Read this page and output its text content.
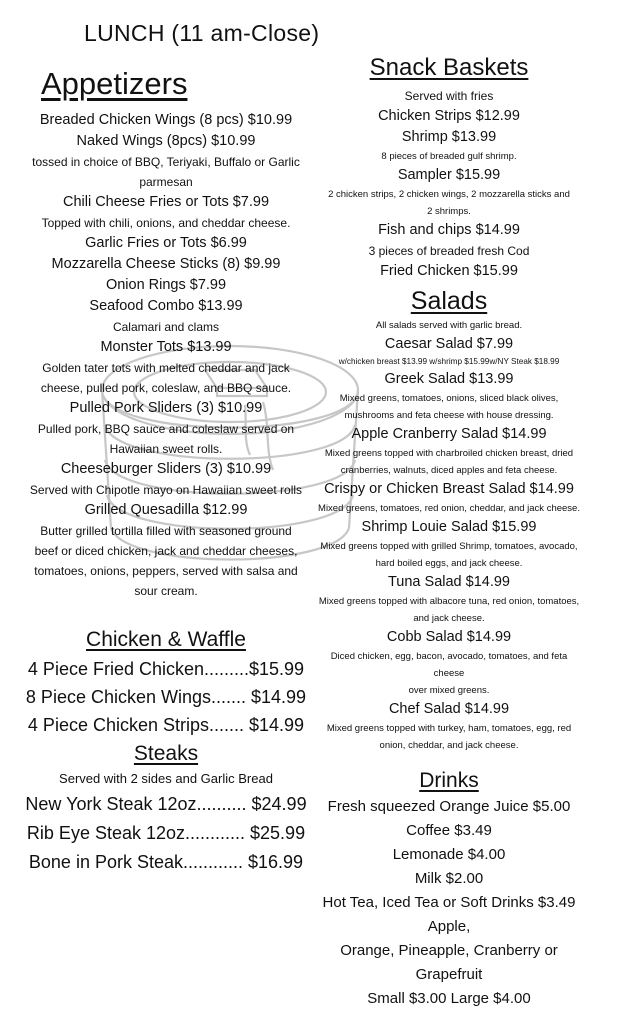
LUNCH (11 am-Close)
Appetizers

Breaded Chicken Wings (8 pcs) $10.99

Naked Wings (8pcs) $10.99

tossed in choice of BBQ, Teriyaki, Buffalo or Garlic

parmesan

Chili Cheese Fries or Tots $7.99

Topped with chili, onions, and cheddar cheese.

Garlic Fries or Tots $6.99

Mozzarella Cheese Sticks (8) $9.99

Onion Rings $7.99

Seafood Combo $13.99

Calamari and clams

Monster Tots $13.99

Golden tater tots with melted cheddar and jack

cheese, pulled pork, coleslaw, and BBQ sauce.

Pulled Pork Sliders (3) $10.99

Pulled pork, BBQ sauce and coleslaw served on

Hawaiian sweet rolls.

Cheeseburger Sliders (3) $10.99

Served with Chipotle mayo on Hawaiian sweet rolls

Grilled Quesadilla $12.99

Butter grilled tortilla filled with seasoned ground

beef or diced chicken, jack and cheddar cheeses,

tomatoes, onions, peppers, served with salsa and

sour cream.

Chicken & Waffle

4 Piece Fried Chicken.........$15.99

8 Piece Chicken Wings....... $14.99

4 Piece Chicken Strips....... $14.99

Steaks

Served with 2 sides and Garlic Bread

New York Steak 12oz.......... $24.99

Rib Eye Steak 12oz............ $25.99

Bone in Pork Steak............ $16.99

Snack Baskets

Served with fries

Chicken Strips $12.99

Shrimp $13.99

8 pieces of breaded gulf shrimp.

Sampler $15.99

2 chicken strips, 2 chicken wings, 2 mozzarella sticks and

2 shrimps.

Fish and chips $14.99

3 pieces of breaded fresh Cod

Fried Chicken $15.99

Salads

All salads served with garlic bread.

Caesar Salad $7.99

w/chicken breast $13.99 w/shrimp $15.99w/NY Steak $18.99

Greek Salad $13.99

Mixed greens, tomatoes, onions, sliced black olives,

mushrooms and feta cheese with house dressing.

Apple Cranberry Salad $14.99

Mixed greens topped with charbroiled chicken breast, dried

cranberries, walnuts, diced apples and feta cheese.

Crispy or Chicken Breast Salad $14.99

Mixed greens, tomatoes, red onion, cheddar, and jack cheese.

Shrimp Louie Salad $15.99

Mixed greens topped with grilled Shrimp, tomatoes, avocado,

hard boiled eggs, and jack cheese.

Tuna Salad $14.99

Mixed greens topped with albacore tuna, red onion, tomatoes,

and jack cheese.

Cobb Salad $14.99

Diced chicken, egg, bacon, avocado, tomatoes, and feta cheese

over mixed greens.

Chef Salad $14.99

Mixed greens topped with turkey, ham, tomatoes, egg, red

onion, cheddar, and jack cheese.

Drinks

Fresh squeezed Orange Juice $5.00

Coffee $3.49

Lemonade $4.00

Milk $2.00

Hot Tea, Iced Tea or Soft Drinks $3.49 Apple,

Orange, Pineapple, Cranberry or Grapefruit

Small $3.00 Large $4.00
